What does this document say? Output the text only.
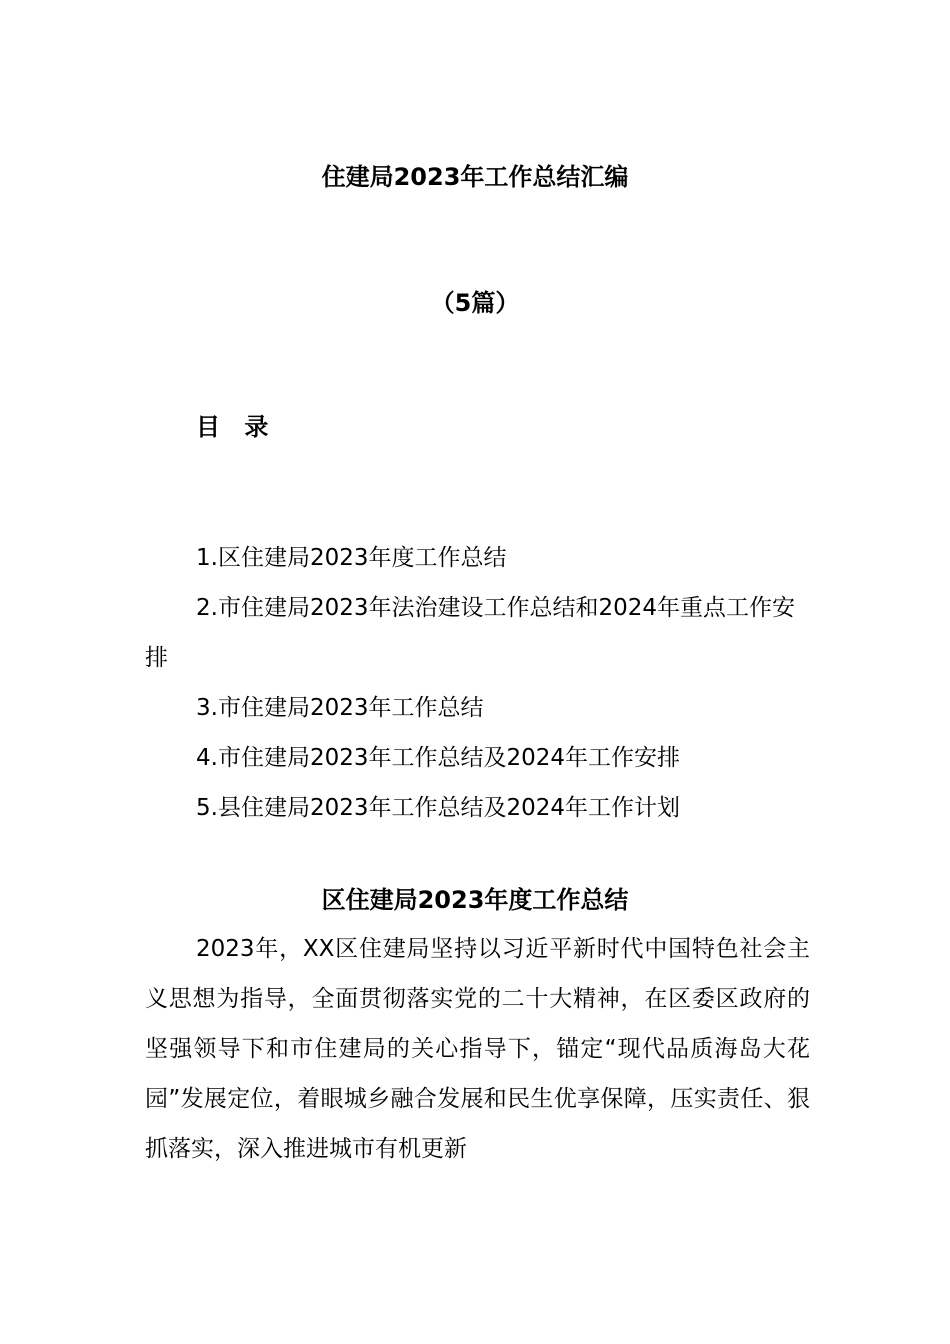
住建局2023年工作总结汇编
（5篇）
目 录
1.区住建局2023年度工作总结
2.市住建局2023年法治建设工作总结和2024年重点工作安排
3.市住建局2023年工作总结
4.市住建局2023年工作总结及2024年工作安排
5.县住建局2023年工作总结及2024年工作计划
区住建局2023年度工作总结

2023年，XX区住建局坚持以习近平新时代中国特色社会主义思想为指导，全面贯彻落实党的二十大精神，在区委区政府的坚强领导下和市住建局的关心指导下，锚定“现代品质海岛大花园”发展定位，着眼城乡融合发展和民生优享保障，压实责任、狠抓落实，深入推进城市有机更新
